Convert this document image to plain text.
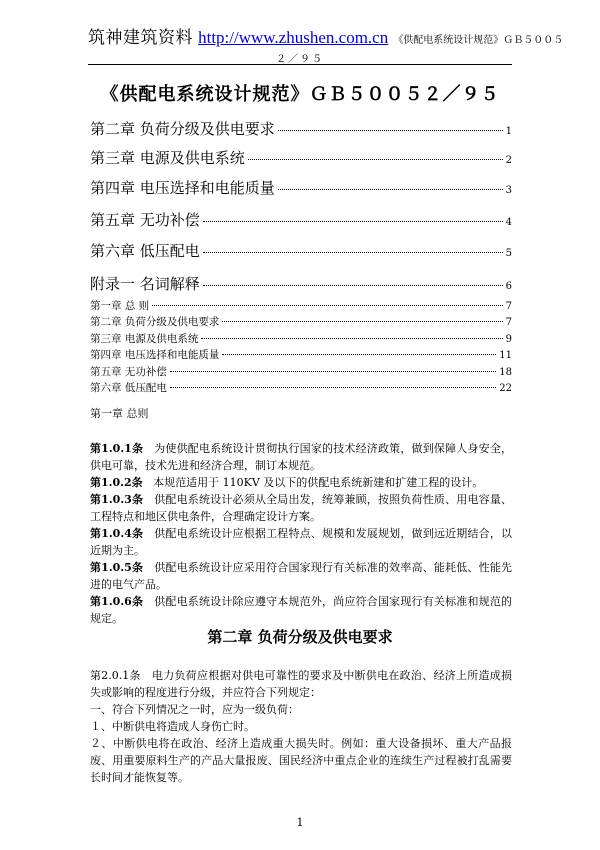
筑神建筑资料 http://www.zhushen.com.cn 《供配电系统设计规范》ＧＢ５００５
２／９５
《供配电系统设计规范》ＧＢ５００５２／９５
第二章 负荷分级及供电要求	1
第三章 电源及供电系统	2
第四章 电压选择和电能质量	3
第五章 无功补偿	4
第六章 低压配电	5
附录一 名词解释	6
第一章 总 则	7
第二章 负荷分级及供电要求	7
第三章 电源及供电系统	9
第四章 电压选择和电能质量	11
第五章 无功补偿	18
第六章 低压配电	22
第一章 总则
第1.0.1条 为使供配电系统设计贯彻执行国家的技术经济政策，做到保障人身安全，供电可靠，技术先进和经济合理，制订本规范。
第1.0.2条 本规范适用于 110KV 及以下的供配电系统新建和扩建工程的设计。
第1.0.3条 供配电系统设计必须从全局出发，统筹兼顾，按照负荷性质、用电容量、工程特点和地区供电条件，合理确定设计方案。
第1.0.4条 供配电系统设计应根据工程特点、规模和发展规划，做到远近期结合，以近期为主。
第1.0.5条 供配电系统设计应采用符合国家现行有关标准的效率高、能耗低、性能先进的电气产品。
第1.0.6条 供配电系统设计除应遵守本规范外，尚应符合国家现行有关标准和规范的规定。
第二章 负荷分级及供电要求
第2.0.1条 电力负荷应根据对供电可靠性的要求及中断供电在政治、经济上所造成损失或影响的程度进行分级，并应符合下列规定：
一、符合下列情况之一时，应为一级负荷：
１、中断供电将造成人身伤亡时。
２、中断供电将在政治、经济上造成重大损失时。例如：重大设备损坏、重大产品报废、用重要原料生产的产品大量报废、国民经济中重点企业的连续生产过程被打乱需要长时间才能恢复等。
1
